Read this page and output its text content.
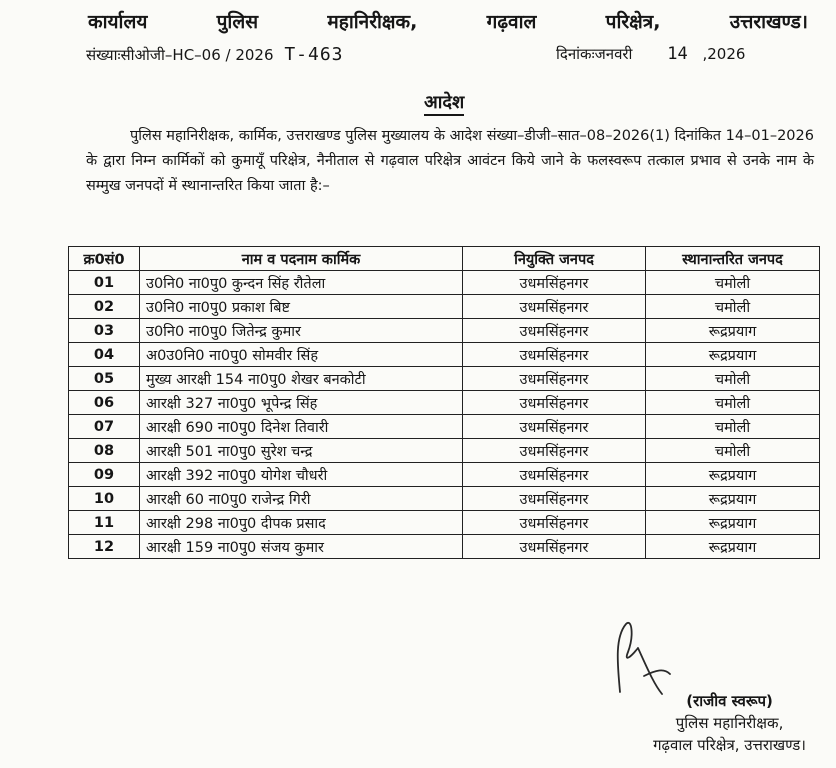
कार्यालय	पुलिस	महानिरीक्षक,	गढ़वाल	परिक्षेत्र,	उत्तराखण्ड।
संख्याःसीओजी–HC–06 / 2026 T-463	दिनांकःजनवरी 14 ,2026
आदेश
पुलिस महानिरीक्षक, कार्मिक, उत्तराखण्ड पुलिस मुख्यालय के आदेश संख्या–डीजी–सात–08–2026(1) दिनांकित 14–01–2026 के द्वारा निम्न कार्मिकों को कुमायूँ परिक्षेत्र, नैनीताल से गढ़वाल परिक्षेत्र आवंटन किये जाने के फलस्वरूप तत्काल प्रभाव से उनके नाम के सम्मुख जनपदों में स्थानान्तरित किया जाता है:–
क्र0सं0	नाम व पदनाम कार्मिक	नियुक्ति जनपद	स्थानान्तरित जनपद
01	उ0नि0 ना0पु0 कुन्दन सिंह रौतेला	उधमसिंहनगर	चमोली
02	उ0नि0 ना0पु0 प्रकाश बिष्ट	उधमसिंहनगर	चमोली
03	उ0नि0 ना0पु0 जितेन्द्र कुमार	उधमसिंहनगर	रूद्रप्रयाग
04	अ0उ0नि0 ना0पु0 सोमवीर सिंह	उधमसिंहनगर	रूद्रप्रयाग
05	मुख्य आरक्षी 154 ना0पु0 शेखर बनकोटी	उधमसिंहनगर	चमोली
06	आरक्षी 327 ना0पु0 भूपेन्द्र सिंह	उधमसिंहनगर	चमोली
07	आरक्षी 690 ना0पु0 दिनेश तिवारी	उधमसिंहनगर	चमोली
08	आरक्षी 501 ना0पु0 सुरेश चन्द्र	उधमसिंहनगर	चमोली
09	आरक्षी 392 ना0पु0 योगेश चौधरी	उधमसिंहनगर	रूद्रप्रयाग
10	आरक्षी 60 ना0पु0 राजेन्द्र गिरी	उधमसिंहनगर	रूद्रप्रयाग
11	आरक्षी 298 ना0पु0 दीपक प्रसाद	उधमसिंहनगर	रूद्रप्रयाग
12	आरक्षी 159 ना0पु0 संजय कुमार	उधमसिंहनगर	रूद्रप्रयाग
(राजीव स्वरूप)
पुलिस महानिरीक्षक,
गढ़वाल परिक्षेत्र, उत्तराखण्ड।
